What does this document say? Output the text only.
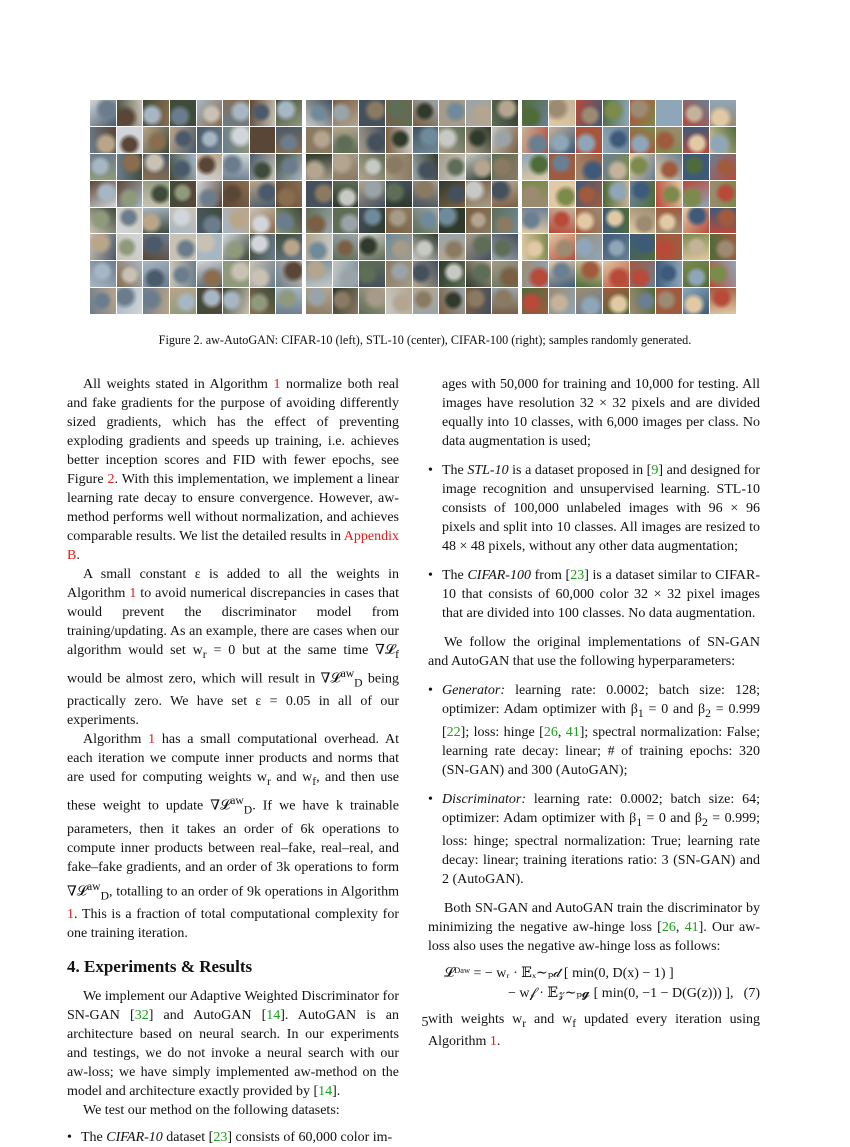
Figure 2. aw-AutoGAN: CIFAR-10 (left), STL-10 (center), CIFAR-100 (right); samples randomly generated.

All weights stated in Algorithm 1 normalize both real and fake gradients for the purpose of avoiding differently sized gradients, which has the effect of preventing exploding gradients and speeds up training, i.e. achieves better inception scores and FID with fewer epochs, see Figure 2. With this implementation, we implement a linear learning rate decay to ensure convergence. However, aw-method performs well without normalization, and achieves comparable results. We list the detailed results in Appendix B.

A small constant ε is added to all the weights in Algorithm 1 to avoid numerical discrepancies in cases that would prevent the discriminator model from training/updating. As an example, there are cases when our algorithm would set $w_r = 0$ but at the same time ∇𝓛$_f$ would be almost zero, which will result in ∇𝓛$^{aw}_D$ being practically zero. We have set ε = 0.05 in all of our experiments.

Algorithm 1 has a small computational overhead. At each iteration we compute inner products and norms that are used for computing weights $w_r$ and $w_f$, and then use these weight to update ∇𝓛$^{aw}_D$. If we have k trainable parameters, then it takes an order of 6k operations to compute inner products between real–fake, real–real, and fake–fake gradients, and an order of 3k operations to form ∇𝓛$^{aw}_D$, totalling to an order of 9k operations in Algorithm 1. This is a fraction of total computational complexity for one training iteration.

4. Experiments & Results

We implement our Adaptive Weighted Discriminator for SN-GAN [32] and AutoGAN [14]. AutoGAN is an architecture based on neural search. In our experiments and testings, we do not invoke a neural search with our aw-loss; we have simply implemented aw-method on the model and architecture exactly provided by [14].

We test our method on the following datasets:

• The CIFAR-10 dataset [23] consists of 60,000 color im-

ages with 50,000 for training and 10,000 for testing. All images have resolution 32 × 32 pixels and are divided equally into 10 classes, with 6,000 images per class. No data augmentation is used;

• The STL-10 is a dataset proposed in [9] and designed for image recognition and unsupervised learning. STL-10 consists of 100,000 unlabeled images with 96 × 96 pixels and split into 10 classes. All images are resized to 48 × 48 pixels, without any other data augmentation;

• The CIFAR-100 from [23] is a dataset similar to CIFAR-10 that consists of 60,000 color 32 × 32 pixel images that are divided into 100 classes. No data augmentation.

We follow the original implementations of SN-GAN and AutoGAN that use the following hyperparameters:

• Generator: learning rate: 0.0002; batch size: 128; optimizer: Adam optimizer with $\beta_1 = 0$ and $\beta_2 = 0.999$ [22]; loss: hinge [26, 41]; spectral normalization: False; learning rate decay: linear; # of training epochs: 320 (SN-GAN) and 300 (AutoGAN);

• Discriminator: learning rate: 0.0002; batch size: 64; optimizer: Adam optimizer with $\beta_1 = 0$ and $\beta_2 = 0.999$; loss: hinge; spectral normalization: True; learning rate decay: linear; training iterations ratio: 3 (SN-GAN) and 2 (AutoGAN).

Both SN-GAN and AutoGAN train the discriminator by minimizing the negative aw-hinge loss [26, 41]. Our aw-loss also uses the negative aw-hinge loss as follows:

𝓛ᴰᵃʷ = − wᵣ · 𝔼ₓ∼ₚ𝒹 [ min(0, D(x) − 1) ]
− w𝒻 · 𝔼𝓏∼ₚ𝓰 [ min(0, −1 − D(G(z))) ], (7)

with weights $w_r$ and $w_f$ updated every iteration using Algorithm 1.

5
